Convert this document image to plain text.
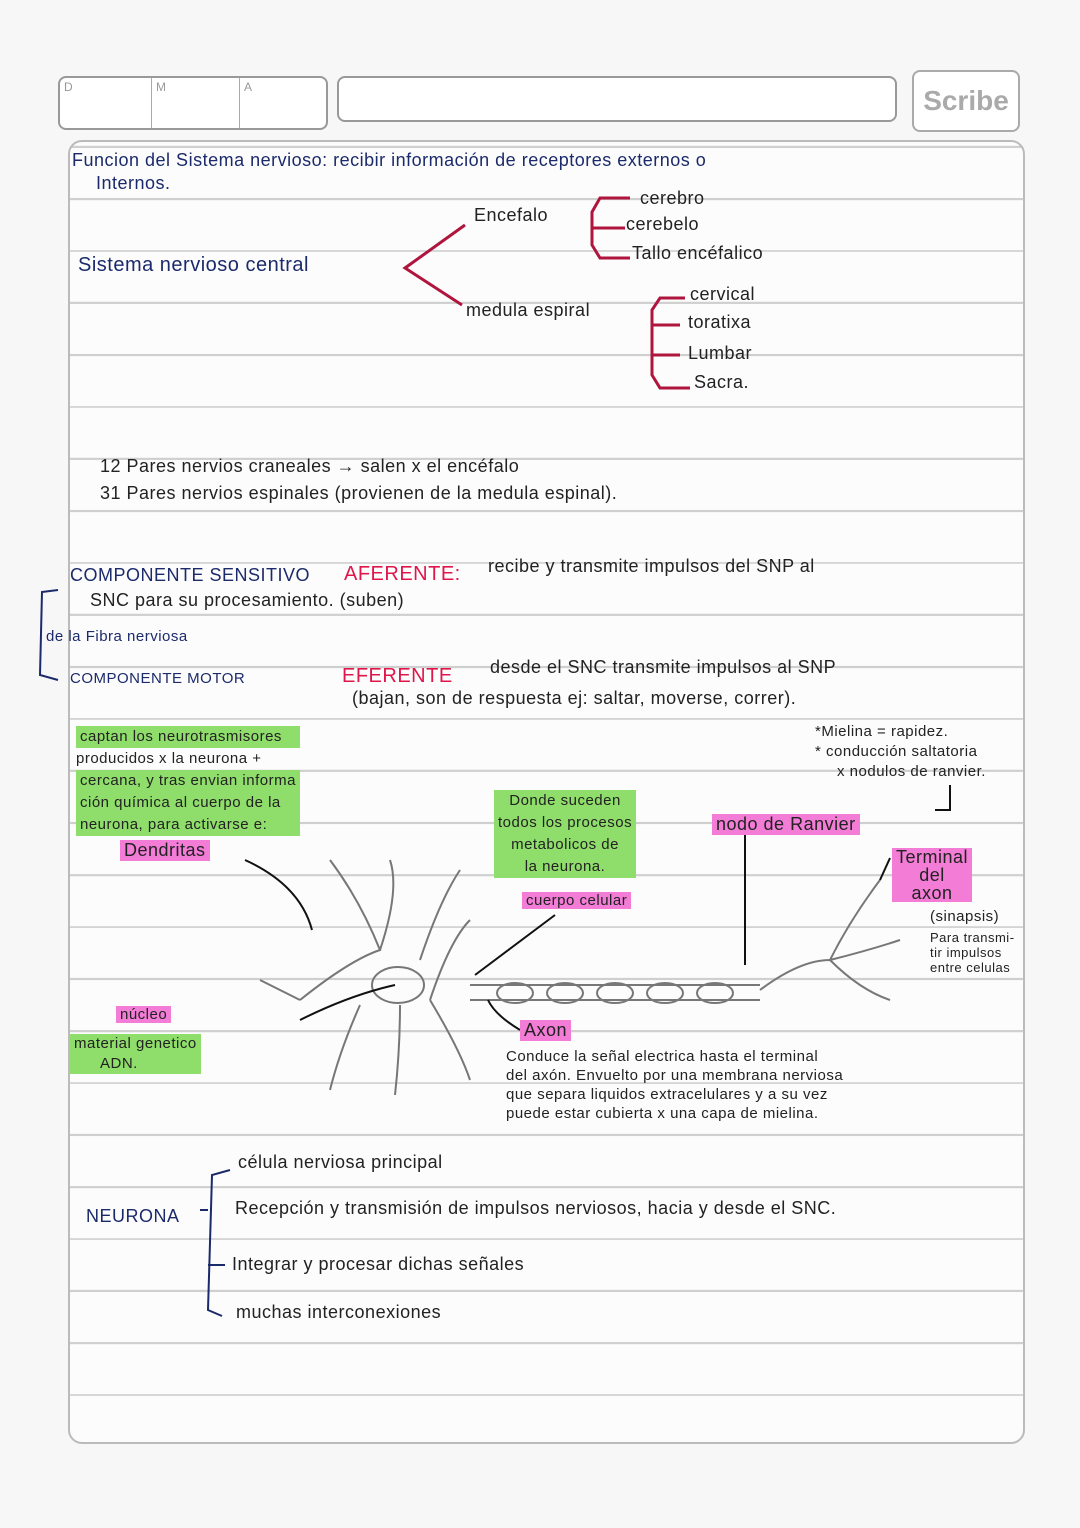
D	M	A	Scribe
Funcion del Sistema nervioso: recibir información de receptores externos o
Internos.
Sistema nervioso central
Encefalo
cerebro
cerebelo
Tallo encéfalico
medula espiral
cervical
toratixa
Lumbar
Sacra.
12 Pares nervios craneales → salen x el encéfalo
31 Pares nervios espinales (provienen de la medula espinal).
COMPONENTE SENSITIVO AFERENTE: recibe y transmite impulsos del SNP al
SNC para su procesamiento. (suben)
de la Fibra nerviosa
COMPONENTE MOTOR	EFERENTE desde el SNC transmite impulsos al SNP
(bajan, son de respuesta ej: saltar, moverse, correr).
captan los neurotrasmisores
producidos x la neurona +
cercana, y tras envian informa
ción química al cuerpo de la
neurona, para activarse e:
Dendritas
Donde suceden
todos los procesos
metabolicos de
la neurona.
cuerpo celular
*Mielina = rapidez.
* conducción saltatoria
x nodulos de ranvier.
nodo de Ranvier
Terminal
del
axon
(sinapsis)
Para transmi-
tir impulsos
entre celulas
núcleo
material genetico
ADN.
Axon
Conduce la señal electrica hasta el terminal
del axón. Envuelto por una membrana nerviosa
que separa liquidos extracelulares y a su vez
puede estar cubierta x una capa de mielina.
NEURONA
célula nerviosa principal
Recepción y transmisión de impulsos nerviosos, hacia y desde el SNC.
Integrar y procesar dichas señales
muchas interconexiones
